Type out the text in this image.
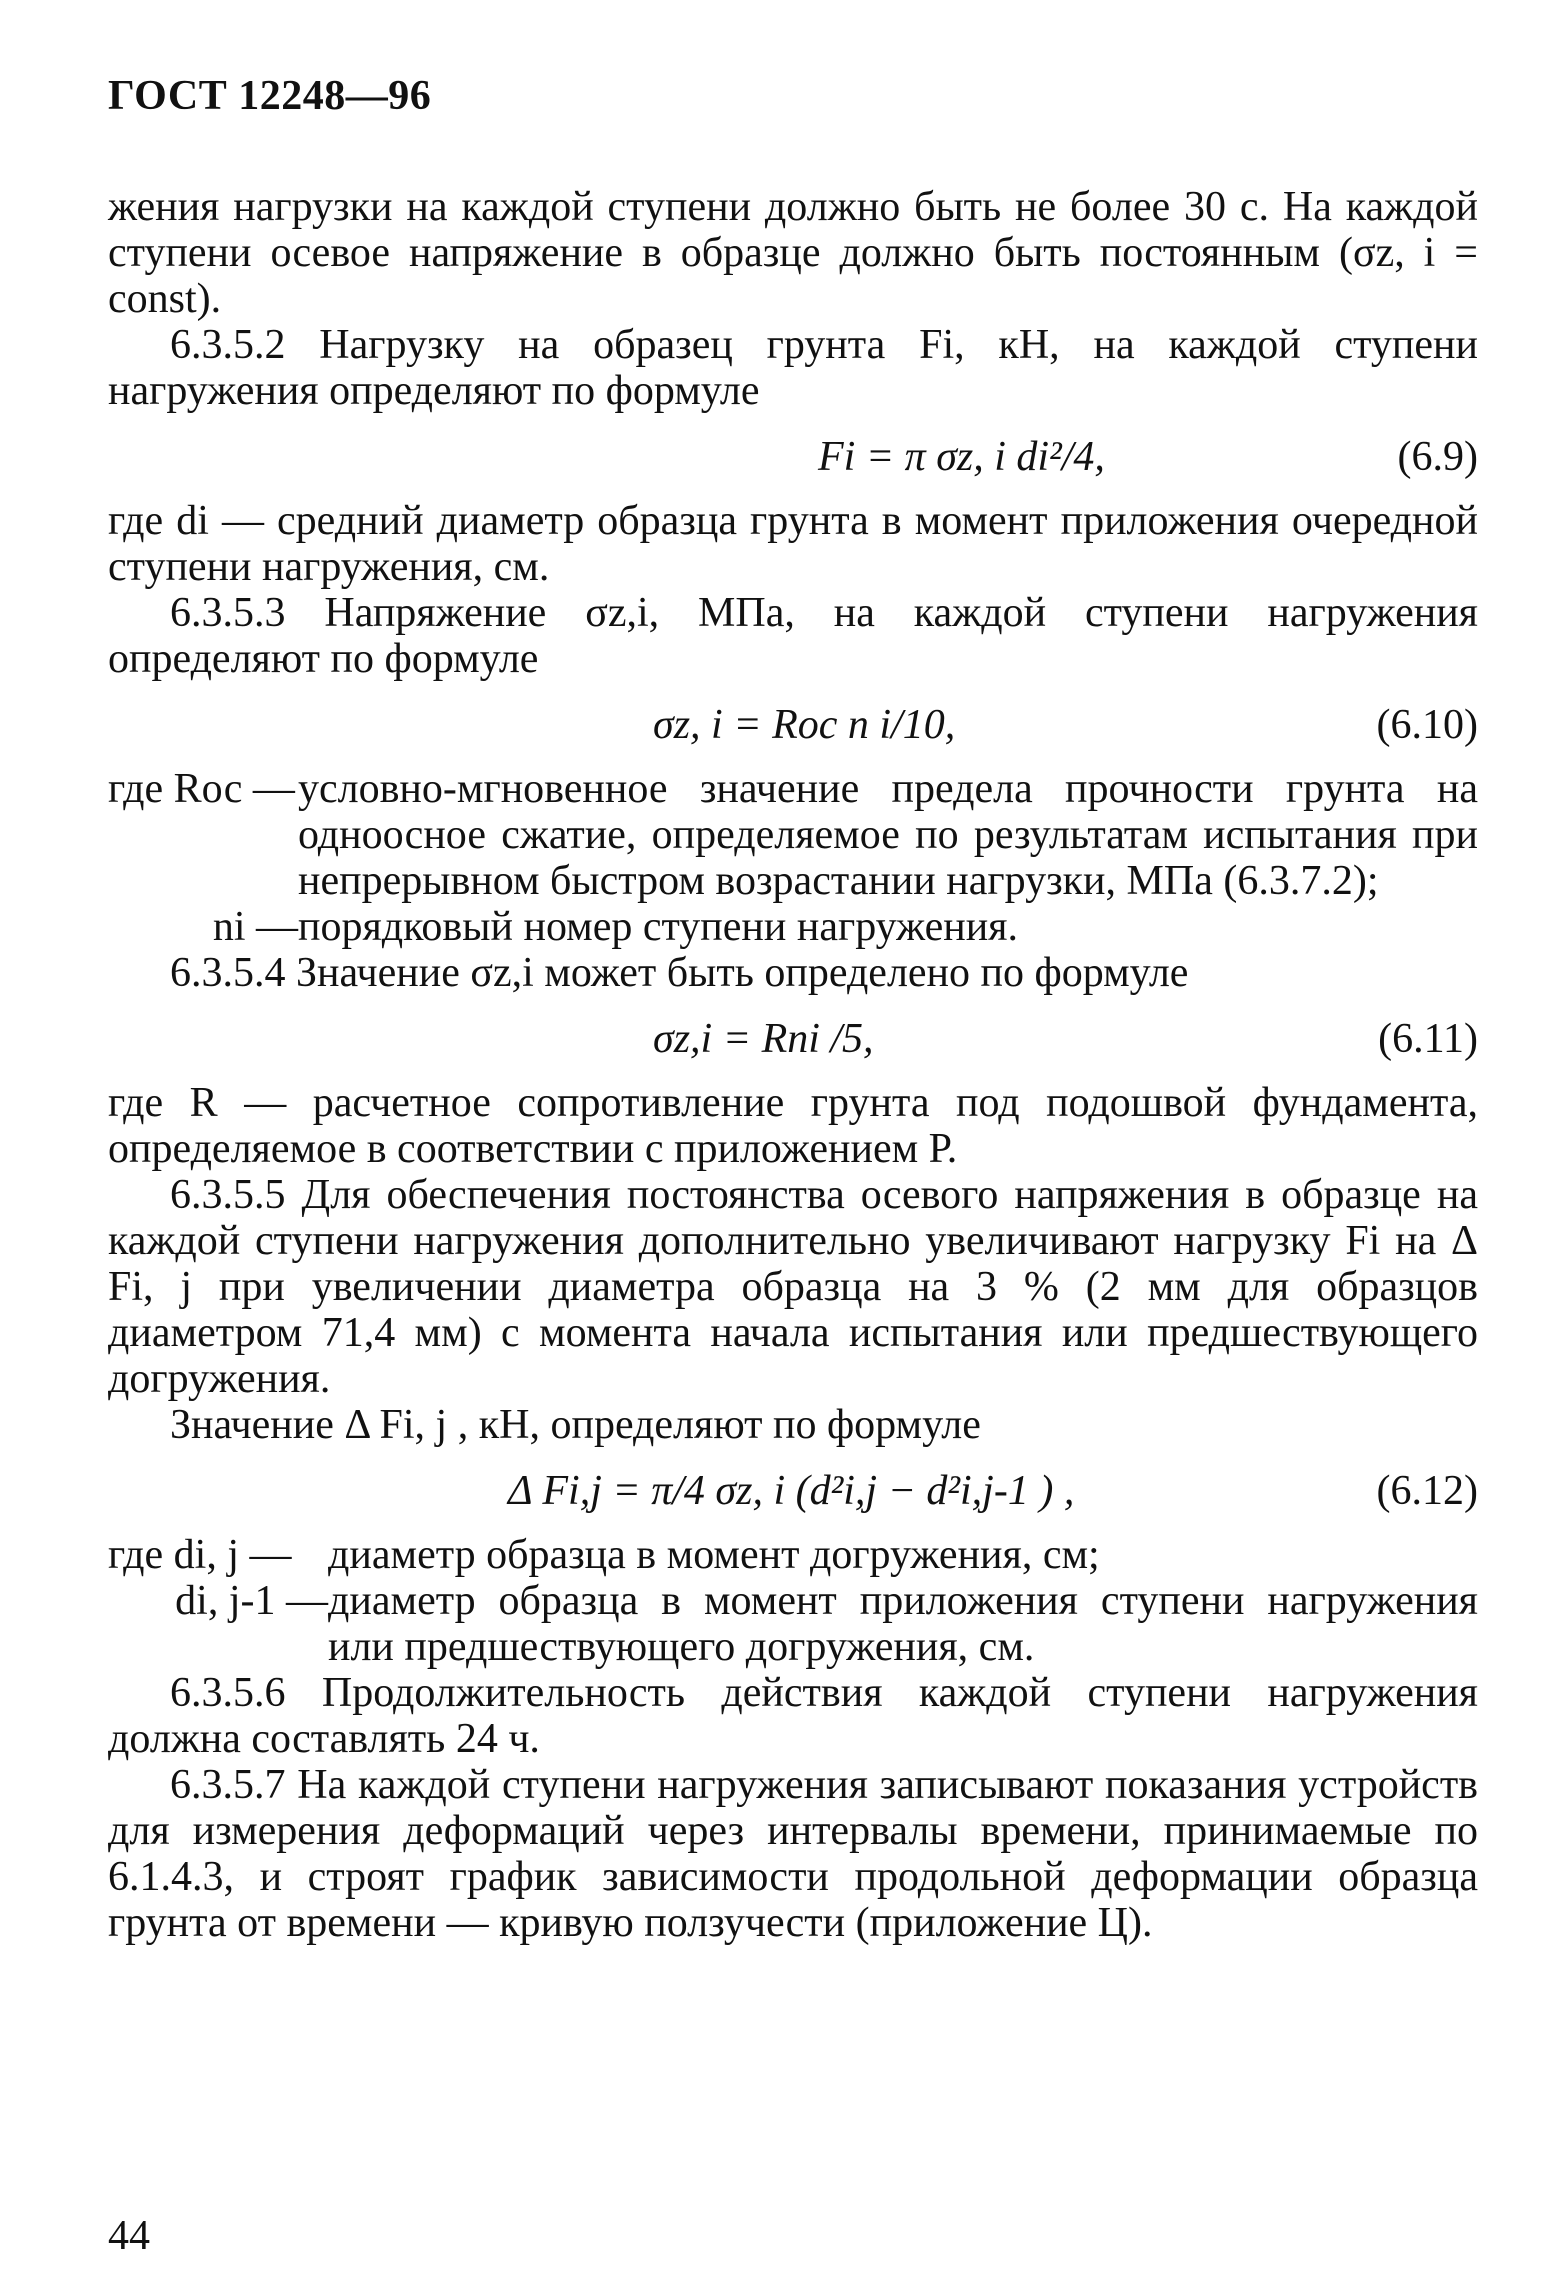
ГОСТ 12248—96

жения нагрузки на каждой ступени должно быть не более 30 с. На каждой ступени осевое напряжение в образце должно быть постоянным (σz, i = const).

6.3.5.2 Нагрузку на образец грунта Fi, кН, на каждой ступени нагружения определяют по формуле

Fi = π σz, i di²/4,	(6.9)

где di — средний диаметр образца грунта в момент приложения очередной ступени нагружения, см.

6.3.5.3 Напряжение σz,i, МПа, на каждой ступени нагружения определяют по формуле

σz, i = Rос n i/10,	(6.10)
где Rос — условно-мгновенное значение предела прочности грунта на одноосное сжатие, определяемое по результатам испытания при непрерывном быстром возрастании нагрузки, МПа (6.3.7.2);
ni — порядковый номер ступени нагружения.

6.3.5.4 Значение σz,i может быть определено по формуле

σz,i = Rni /5,	(6.11)

где R — расчетное сопротивление грунта под подошвой фундамента, определяемое в соответствии с приложением Р.

6.3.5.5 Для обеспечения постоянства осевого напряжения в образце на каждой ступени нагружения дополнительно увеличивают нагрузку Fi на Δ Fi, j при увеличении диаметра образца на 3 % (2 мм для образцов диаметром 71,4 мм) с момента начала испытания или предшествующего догружения.

Значение Δ Fi, j , кН, определяют по формуле

Δ Fi,j = π/4 σz, i (d²i,j − d²i,j-1 ) ,	(6.12)
где di, j — диаметр образца в момент догружения, см;
di, j-1 — диаметр образца в момент приложения ступени нагружения или предшествующего догружения, см.

6.3.5.6 Продолжительность действия каждой ступени нагружения должна составлять 24 ч.

6.3.5.7 На каждой ступени нагружения записывают показания устройств для измерения деформаций через интервалы времени, принимаемые по 6.1.4.3, и строят график зависимости продольной деформации образца грунта от времени — кривую ползучести (приложение Ц).

44
